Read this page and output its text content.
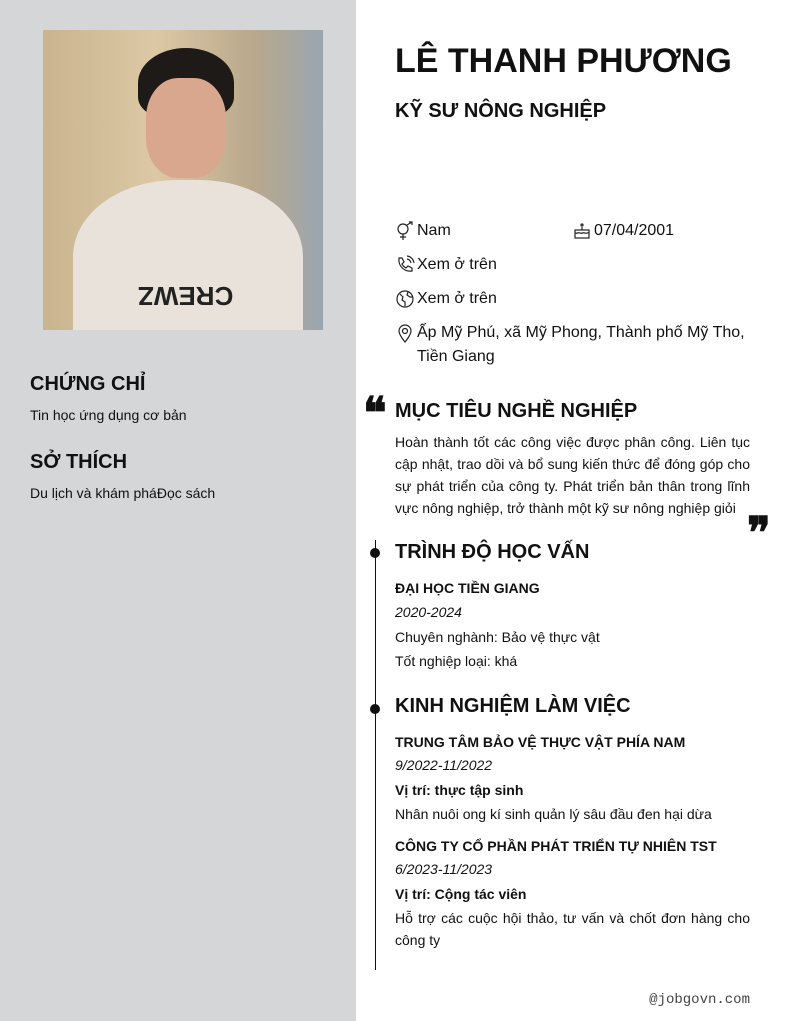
CREWZ
CHỨNG CHỈ
Tin học ứng dụng cơ bản
SỞ THÍCH
Du lịch và khám pháĐọc sách
LÊ THANH PHƯƠNG
KỸ SƯ NÔNG NGHIỆP
Nam	07/04/2001
Xem ở trên
Xem ở trên
Ấp Mỹ Phú, xã Mỹ Phong, Thành phố Mỹ Tho, Tiền Giang
❝ MỤC TIÊU NGHỀ NGHIỆP
Hoàn thành tốt các công việc được phân công. Liên tục cập nhật, trao dồi và bổ sung kiến thức để đóng góp cho sự phát triển của công ty. Phát triển bản thân trong lĩnh vực nông nghiệp, trở thành một kỹ sư nông nghiệp giỏi ❞
TRÌNH ĐỘ HỌC VẤN
ĐẠI HỌC TIỀN GIANG
2020-2024
Chuyên nghành: Bảo vệ thực vật
Tốt nghiệp loại: khá
KINH NGHIỆM LÀM VIỆC
TRUNG TÂM BẢO VỆ THỰC VẬT PHÍA NAM
9/2022-11/2022
Vị trí: thực tập sinh
Nhân nuôi ong kí sinh quản lý sâu đầu đen hại dừa
CÔNG TY CỔ PHẦN PHÁT TRIỂN TỰ NHIÊN TST
6/2023-11/2023
Vị trí: Cộng tác viên
Hỗ trợ các cuộc hội thảo, tư vấn và chốt đơn hàng cho công ty
@jobgovn.com
